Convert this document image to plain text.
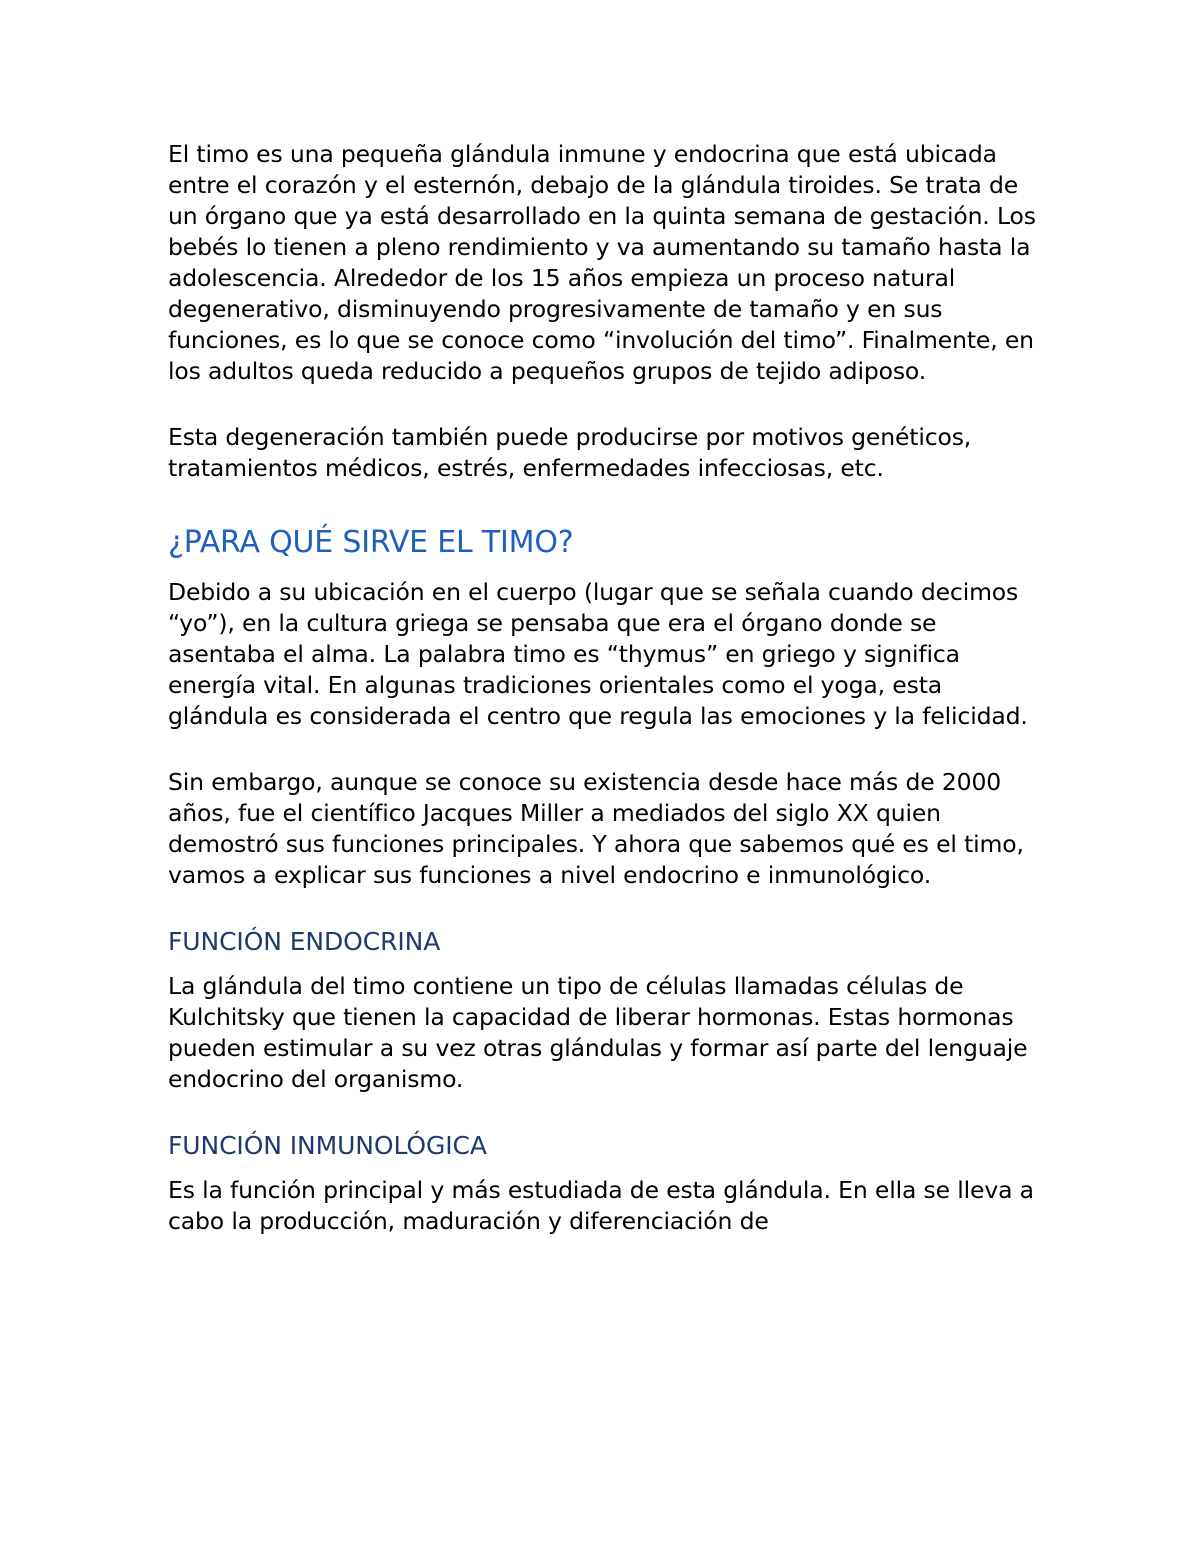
El timo es una pequeña glándula inmune y endocrina que está ubicada entre el corazón y el esternón, debajo de la glándula tiroides. Se trata de un órgano que ya está desarrollado en la quinta semana de gestación. Los bebés lo tienen a pleno rendimiento y va aumentando su tamaño hasta la adolescencia. Alrededor de los 15 años empieza un proceso natural degenerativo, disminuyendo progresivamente de tamaño y en sus funciones, es lo que se conoce como “involución del timo”. Finalmente, en los adultos queda reducido a pequeños grupos de tejido adiposo.

Esta degeneración también puede producirse por motivos genéticos, tratamientos médicos, estrés, enfermedades infecciosas, etc.

¿PARA QUÉ SIRVE EL TIMO?

Debido a su ubicación en el cuerpo (lugar que se señala cuando decimos “yo”), en la cultura griega se pensaba que era el órgano donde se asentaba el alma. La palabra timo es “thymus” en griego y significa energía vital. En algunas tradiciones orientales como el yoga, esta glándula es considerada el centro que regula las emociones y la felicidad.

Sin embargo, aunque se conoce su existencia desde hace más de 2000 años, fue el científico Jacques Miller a mediados del siglo XX quien demostró sus funciones principales. Y ahora que sabemos qué es el timo, vamos a explicar sus funciones a nivel endocrino e inmunológico.

FUNCIÓN ENDOCRINA

La glándula del timo contiene un tipo de células llamadas células de Kulchitsky que tienen la capacidad de liberar hormonas. Estas hormonas pueden estimular a su vez otras glándulas y formar así parte del lenguaje endocrino del organismo.

FUNCIÓN INMUNOLÓGICA

Es la función principal y más estudiada de esta glándula. En ella se lleva a cabo la producción, maduración y diferenciación de
